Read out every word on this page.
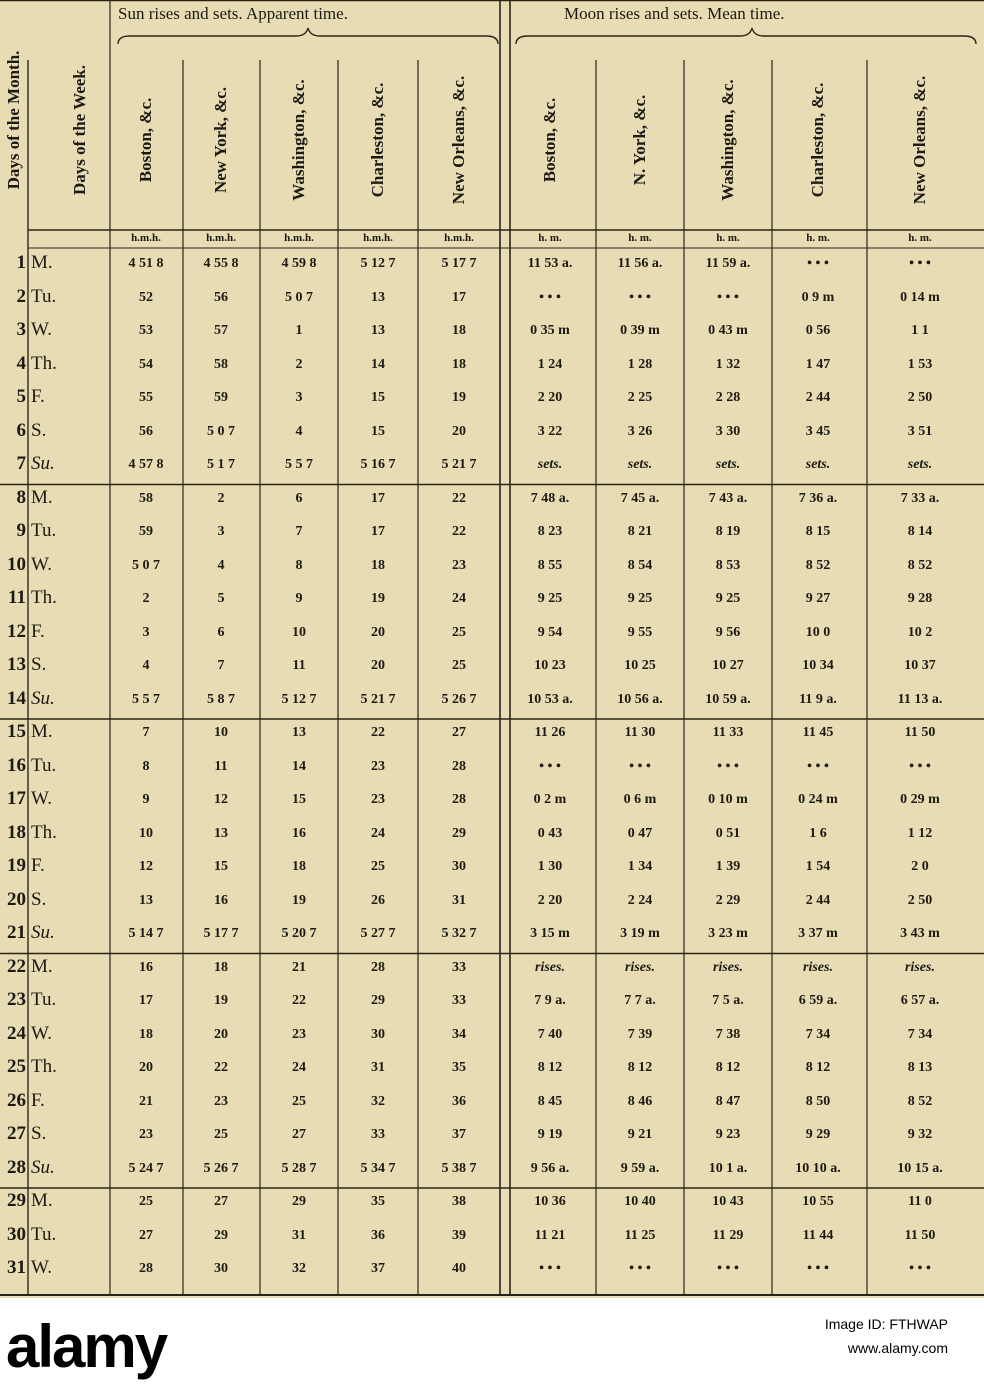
Sun rises and sets. Apparent time.	Moon rises and sets. Mean time.
Days of the Month.	Days of the Week.	Boston, &c.	New York, &c.	Washington, &c.	Charleston, &c.	New Orleans, &c.	Boston, &c.	N. York, &c.	Washington, &c.	Charleston, &c.	New Orleans, &c.
h.m.h.	h.m.h.	h.m.h.	h.m.h.	h.m.h.	h. m.	h. m.	h. m.	h. m.	h. m.
1 M.	4 51 8	4 55 8	4 59 8	5 12 7	5 17 7	11 53 a.	11 56 a.	11 59 a.	• • •	• • •
2 Tu.	52	56	5 0 7	13	17	• • •	• • •	• • •	0 9 m	0 14 m
3 W.	53	57	1	13	18	0 35 m	0 39 m	0 43 m	0 56	1 1
4 Th.	54	58	2	14	18	1 24	1 28	1 32	1 47	1 53
5 F.	55	59	3	15	19	2 20	2 25	2 28	2 44	2 50
6 S.	56	5 0 7	4	15	20	3 22	3 26	3 30	3 45	3 51
7 Su.	4 57 8	5 1 7	5 5 7	5 16 7	5 21 7	sets.	sets.	sets.	sets.	sets.
8 M.	58	2	6	17	22	7 48 a.	7 45 a.	7 43 a.	7 36 a.	7 33 a.
9 Tu.	59	3	7	17	22	8 23	8 21	8 19	8 15	8 14
10 W.	5 0 7	4	8	18	23	8 55	8 54	8 53	8 52	8 52
11 Th.	2	5	9	19	24	9 25	9 25	9 25	9 27	9 28
12 F.	3	6	10	20	25	9 54	9 55	9 56	10 0	10 2
13 S.	4	7	11	20	25	10 23	10 25	10 27	10 34	10 37
14 Su.	5 5 7	5 8 7	5 12 7	5 21 7	5 26 7	10 53 a.	10 56 a.	10 59 a.	11 9 a.	11 13 a.
15 M.	7	10	13	22	27	11 26	11 30	11 33	11 45	11 50
16 Tu.	8	11	14	23	28	• • •	• • •	• • •	• • •	• • •
17 W.	9	12	15	23	28	0 2 m	0 6 m	0 10 m	0 24 m	0 29 m
18 Th.	10	13	16	24	29	0 43	0 47	0 51	1 6	1 12
19 F.	12	15	18	25	30	1 30	1 34	1 39	1 54	2 0
20 S.	13	16	19	26	31	2 20	2 24	2 29	2 44	2 50
21 Su.	5 14 7	5 17 7	5 20 7	5 27 7	5 32 7	3 15 m	3 19 m	3 23 m	3 37 m	3 43 m
22 M.	16	18	21	28	33	rises.	rises.	rises.	rises.	rises.
23 Tu.	17	19	22	29	33	7 9 a.	7 7 a.	7 5 a.	6 59 a.	6 57 a.
24 W.	18	20	23	30	34	7 40	7 39	7 38	7 34	7 34
25 Th.	20	22	24	31	35	8 12	8 12	8 12	8 12	8 13
26 F.	21	23	25	32	36	8 45	8 46	8 47	8 50	8 52
27 S.	23	25	27	33	37	9 19	9 21	9 23	9 29	9 32
28 Su.	5 24 7	5 26 7	5 28 7	5 34 7	5 38 7	9 56 a.	9 59 a.	10 1 a.	10 10 a.	10 15 a.
29 M.	25	27	29	35	38	10 36	10 40	10 43	10 55	11 0
30 Tu.	27	29	31	36	39	11 21	11 25	11 29	11 44	11 50
31 W.	28	30	32	37	40	• • •	• • •	• • •	• • •	• • •
alamy	Image ID: FTHWAP
www.alamy.com
